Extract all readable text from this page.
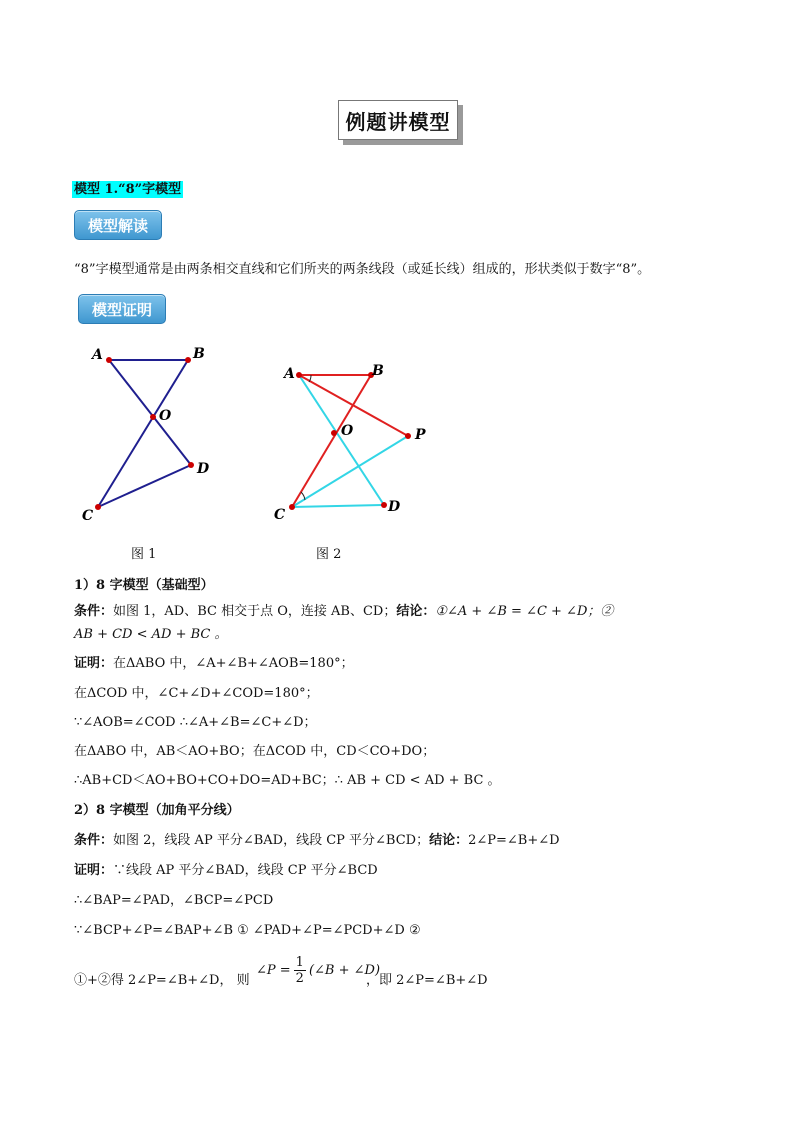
例题讲模型
模型 1.“8”字模型
模型解读
“8”字模型通常是由两条相交直线和它们所夹的两条线段（或延长线）组成的，形状类似于数字“8”。
模型证明
A	B
O
C
D
图 1
A	B
O	P
C	D
图 2
1）8 字模型（基础型）
条件：如图 1，AD、BC 相交于点 O，连接 AB、CD；结论：①∠A + ∠B = ∠C + ∠D；②
AB + CD < AD + BC 。
证明：在ΔABO 中，∠A+∠B+∠AOB=180°；
在ΔCOD 中，∠C+∠D+∠COD=180°；
∵∠AOB=∠COD ∴∠A+∠B=∠C+∠D；
在ΔABO 中，AB＜AO+BO；在ΔCOD 中，CD＜CO+DO；
∴AB+CD＜AO+BO+CO+DO=AD+BC；∴ AB + CD < AD + BC 。
2）8 字模型（加角平分线）
条件：如图 2，线段 AP 平分∠BAD，线段 CP 平分∠BCD；结论：2∠P=∠B+∠D
证明：∵线段 AP 平分∠BAD，线段 CP 平分∠BCD
∴∠BAP=∠PAD，∠BCP=∠PCD
∵∠BCP+∠P=∠BAP+∠B ① ∠PAD+∠P=∠PCD+∠D ②
①+②得 2∠P=∠B+∠D， 则
∠P = $\frac{1}{2}$ (∠B + ∠D)
，即 2∠P=∠B+∠D
